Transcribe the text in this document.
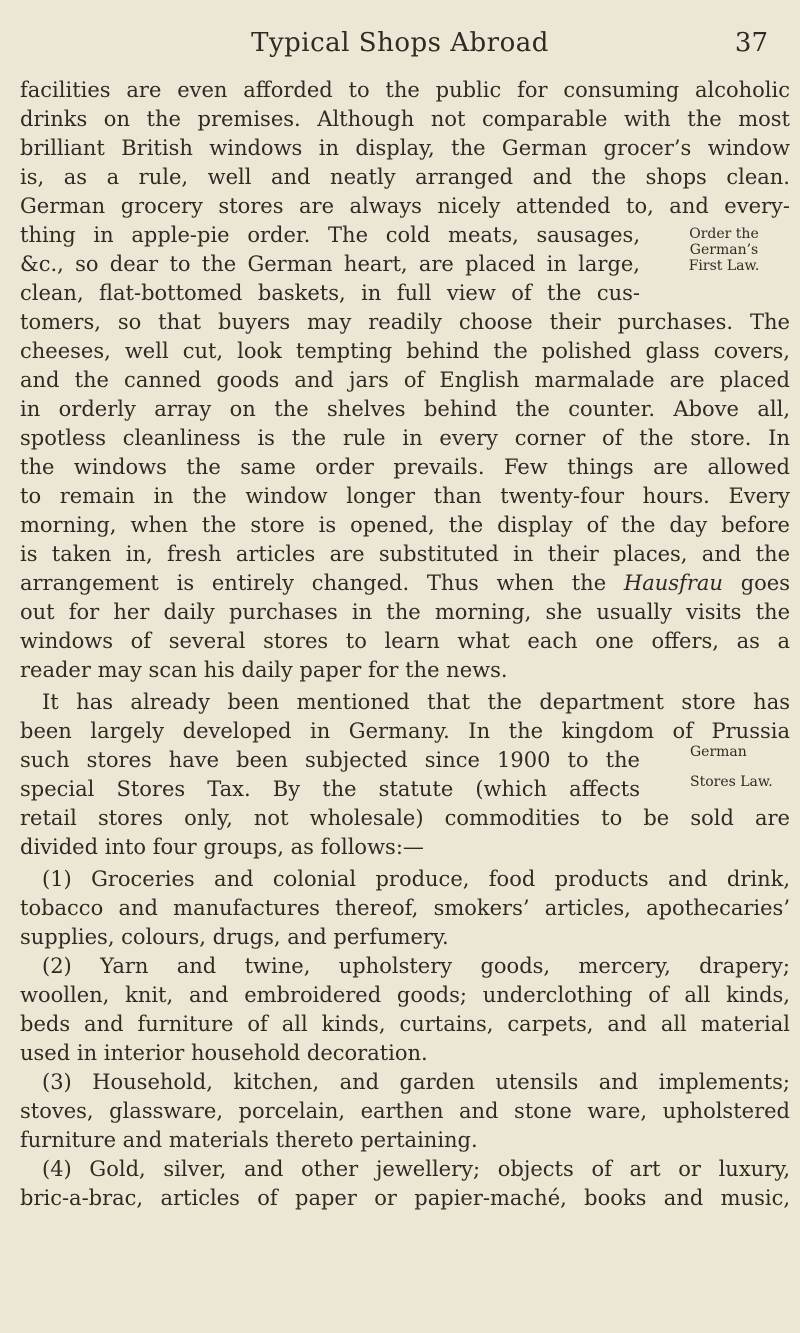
Typical Shops Abroad	37
facilities are even afforded to the public for consuming alcoholic
drinks on the premises. Although not comparable with the most
brilliant British windows in display, the German grocer’s window
is, as a rule, well and neatly arranged and the shops clean.
German grocery stores are always nicely attended to, and every-
thing in apple-pie order. The cold meats, sausages,
&c., so dear to the German heart, are placed in large,
clean, flat-bottomed baskets, in full view of the cus-
tomers, so that buyers may readily choose their purchases. The
cheeses, well cut, look tempting behind the polished glass covers,
and the canned goods and jars of English marmalade are placed
in orderly array on the shelves behind the counter. Above all,
spotless cleanliness is the rule in every corner of the store. In
the windows the same order prevails. Few things are allowed
to remain in the window longer than twenty-four hours. Every
morning, when the store is opened, the display of the day before
is taken in, fresh articles are substituted in their places, and the
arrangement is entirely changed. Thus when the Hausfrau goes
out for her daily purchases in the morning, she usually visits the
windows of several stores to learn what each one offers, as a
reader may scan his daily paper for the news.
It has already been mentioned that the department store has
been largely developed in Germany. In the kingdom of Prussia
such stores have been subjected since 1900 to the
special Stores Tax. By the statute (which affects
retail stores only, not wholesale) commodities to be sold are
divided into four groups, as follows:—
(1) Groceries and colonial produce, food products and drink,
tobacco and manufactures thereof, smokers’ articles, apothecaries’
supplies, colours, drugs, and perfumery.
(2) Yarn and twine, upholstery goods, mercery, drapery;
woollen, knit, and embroidered goods; underclothing of all kinds,
beds and furniture of all kinds, curtains, carpets, and all material
used in interior household decoration.
(3) Household, kitchen, and garden utensils and implements;
stoves, glassware, porcelain, earthen and stone ware, upholstered
furniture and materials thereto pertaining.
(4) Gold, silver, and other jewellery; objects of art or luxury,
bric-a-brac, articles of paper or papier-maché, books and music,
Order the
German’s
First Law.
German
Stores Law.
